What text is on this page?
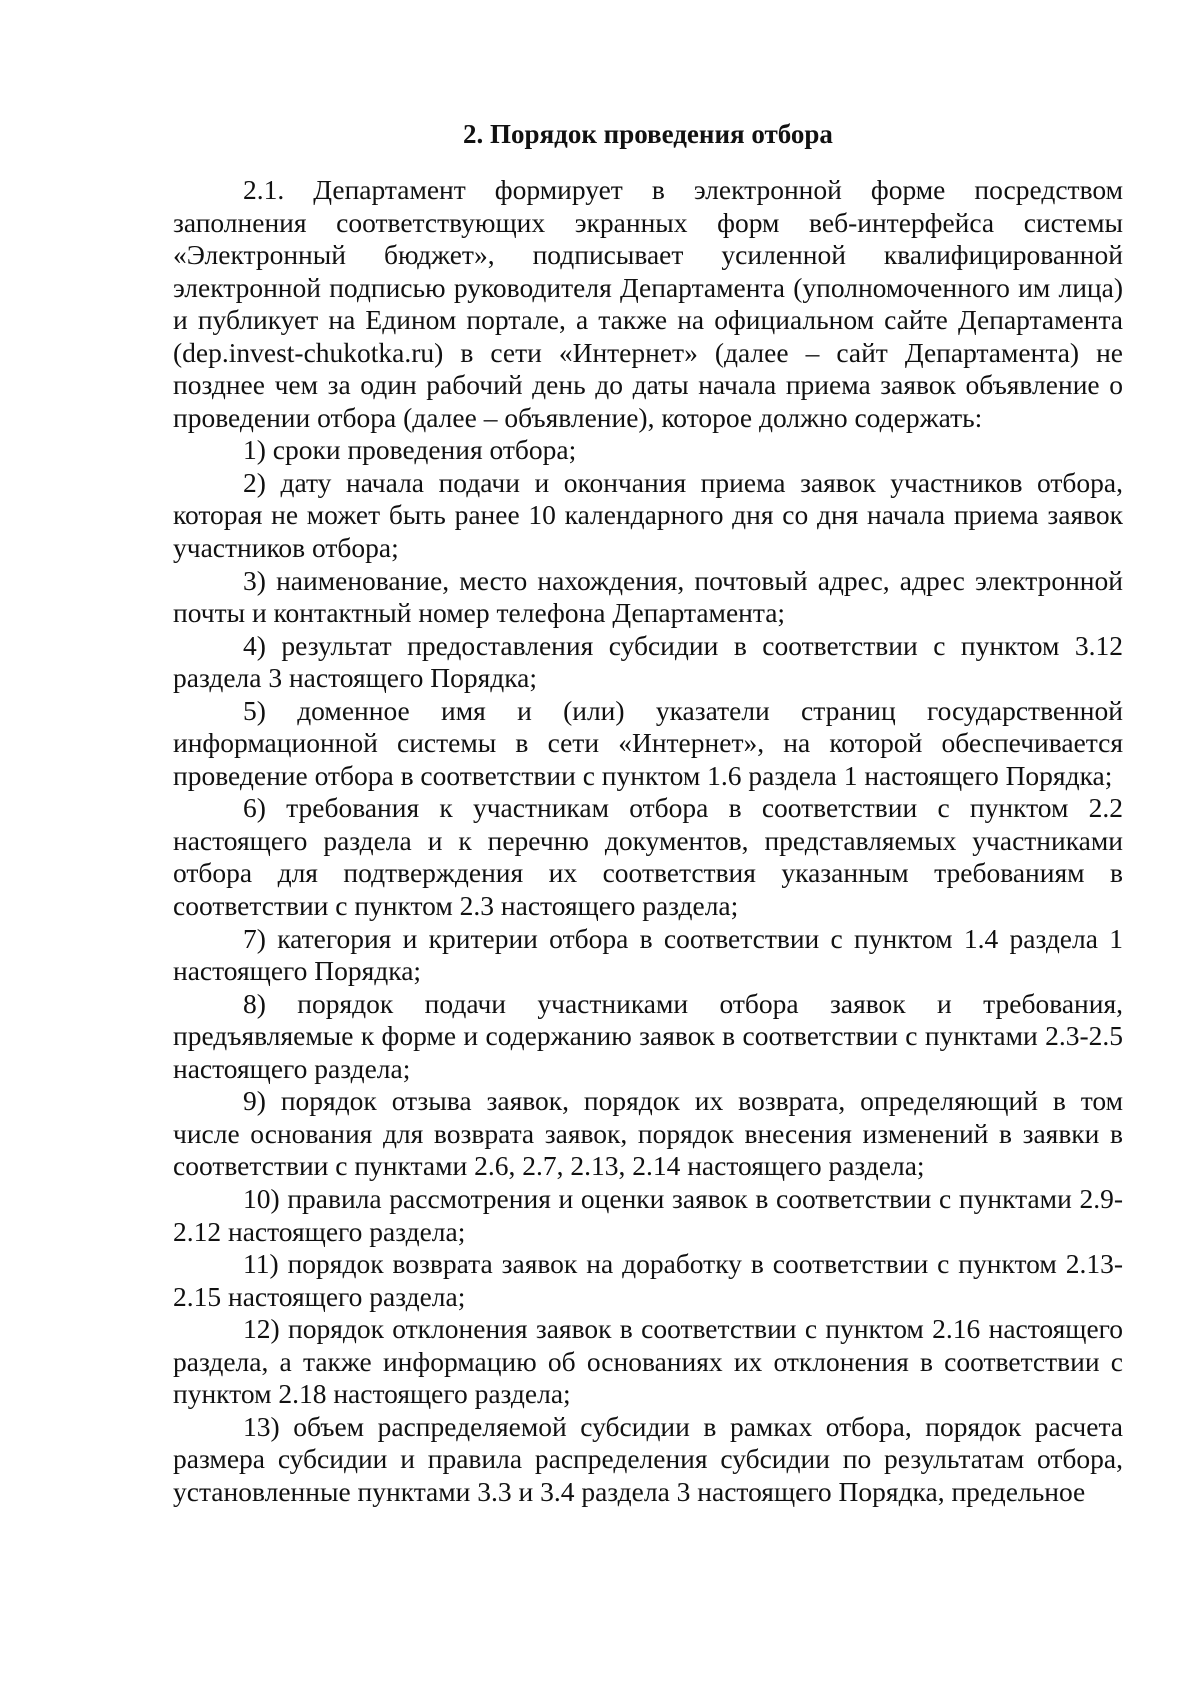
2. Порядок проведения отбора

2.1. Департамент формирует в электронной форме посредством заполнения соответствующих экранных форм веб-интерфейса системы «Электронный бюджет», подписывает усиленной квалифицированной электронной подписью руководителя Департамента (уполномоченного им лица) и публикует на Едином портале, а также на официальном сайте Департамента (dep.invest-chukotka.ru) в сети «Интернет» (далее – сайт Департамента) не позднее чем за один рабочий день до даты начала приема заявок объявление о проведении отбора (далее – объявление), которое должно содержать:

1) сроки проведения отбора;

2) дату начала подачи и окончания приема заявок участников отбора, которая не может быть ранее 10 календарного дня со дня начала приема заявок участников отбора;

3) наименование, место нахождения, почтовый адрес, адрес электронной почты и контактный номер телефона Департамента;

4) результат предоставления субсидии в соответствии с пунктом 3.12 раздела 3 настоящего Порядка;

5) доменное имя и (или) указатели страниц государственной информационной системы в сети «Интернет», на которой обеспечивается проведение отбора в соответствии с пунктом 1.6 раздела 1 настоящего Порядка;

6) требования к участникам отбора в соответствии с пунктом 2.2 настоящего раздела и к перечню документов, представляемых участниками отбора для подтверждения их соответствия указанным требованиям в соответствии с пунктом 2.3 настоящего раздела;

7) категория и критерии отбора в соответствии с пунктом 1.4 раздела 1 настоящего Порядка;

8) порядок подачи участниками отбора заявок и требования, предъявляемые к форме и содержанию заявок в соответствии с пунктами 2.3-2.5 настоящего раздела;

9) порядок отзыва заявок, порядок их возврата, определяющий в том числе основания для возврата заявок, порядок внесения изменений в заявки в соответствии с пунктами 2.6, 2.7, 2.13, 2.14 настоящего раздела;

10) правила рассмотрения и оценки заявок в соответствии с пунктами 2.9-2.12 настоящего раздела;

11) порядок возврата заявок на доработку в соответствии с пунктом 2.13-2.15 настоящего раздела;

12) порядок отклонения заявок в соответствии с пунктом 2.16 настоящего раздела, а также информацию об основаниях их отклонения в соответствии с пунктом 2.18 настоящего раздела;

13) объем распределяемой субсидии в рамках отбора, порядок расчета размера субсидии и правила распределения субсидии по результатам отбора, установленные пунктами 3.3 и 3.4 раздела 3 настоящего Порядка, предельное
